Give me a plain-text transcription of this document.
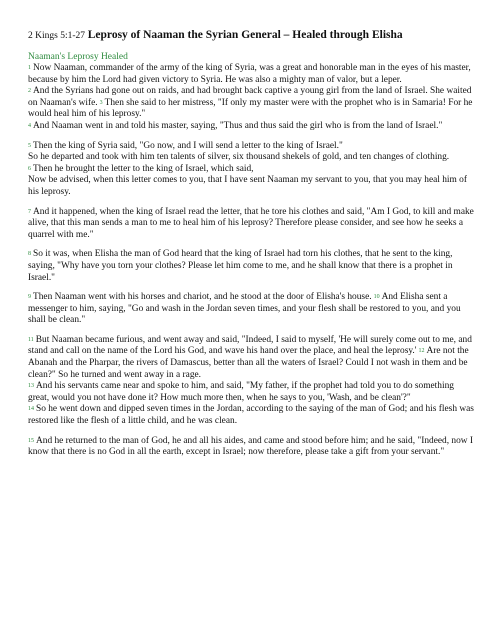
2 Kings 5:1-27 Leprosy of Naaman the Syrian General – Healed through Elisha
Naaman's Leprosy Healed
1 Now Naaman, commander of the army of the king of Syria, was a great and honorable man in the eyes of his master, because by him the Lord had given victory to Syria. He was also a mighty man of valor, but a leper.
2 And the Syrians had gone out on raids, and had brought back captive a young girl from the land of Israel. She waited on Naaman's wife. 3 Then she said to her mistress, "If only my master were with the prophet who is in Samaria! For he would heal him of his leprosy."
4 And Naaman went in and told his master, saying, "Thus and thus said the girl who is from the land of Israel."
5 Then the king of Syria said, "Go now, and I will send a letter to the king of Israel."
So he departed and took with him ten talents of silver, six thousand shekels of gold, and ten changes of clothing.
6 Then he brought the letter to the king of Israel, which said,
Now be advised, when this letter comes to you, that I have sent Naaman my servant to you, that you may heal him of his leprosy.
7 And it happened, when the king of Israel read the letter, that he tore his clothes and said, "Am I God, to kill and make alive, that this man sends a man to me to heal him of his leprosy? Therefore please consider, and see how he seeks a quarrel with me."
8 So it was, when Elisha the man of God heard that the king of Israel had torn his clothes, that he sent to the king, saying, "Why have you torn your clothes? Please let him come to me, and he shall know that there is a prophet in Israel."
9 Then Naaman went with his horses and chariot, and he stood at the door of Elisha's house. 10 And Elisha sent a messenger to him, saying, "Go and wash in the Jordan seven times, and your flesh shall be restored to you, and you shall be clean."
11 But Naaman became furious, and went away and said, "Indeed, I said to myself, 'He will surely come out to me, and stand and call on the name of the Lord his God, and wave his hand over the place, and heal the leprosy.' 12 Are not the Abanah and the Pharpar, the rivers of Damascus, better than all the waters of Israel? Could I not wash in them and be clean?" So he turned and went away in a rage.
13 And his servants came near and spoke to him, and said, "My father, if the prophet had told you to do something great, would you not have done it? How much more then, when he says to you, 'Wash, and be clean'?"
14 So he went down and dipped seven times in the Jordan, according to the saying of the man of God; and his flesh was restored like the flesh of a little child, and he was clean.
15 And he returned to the man of God, he and all his aides, and came and stood before him; and he said, "Indeed, now I know that there is no God in all the earth, except in Israel; now therefore, please take a gift from your servant."
